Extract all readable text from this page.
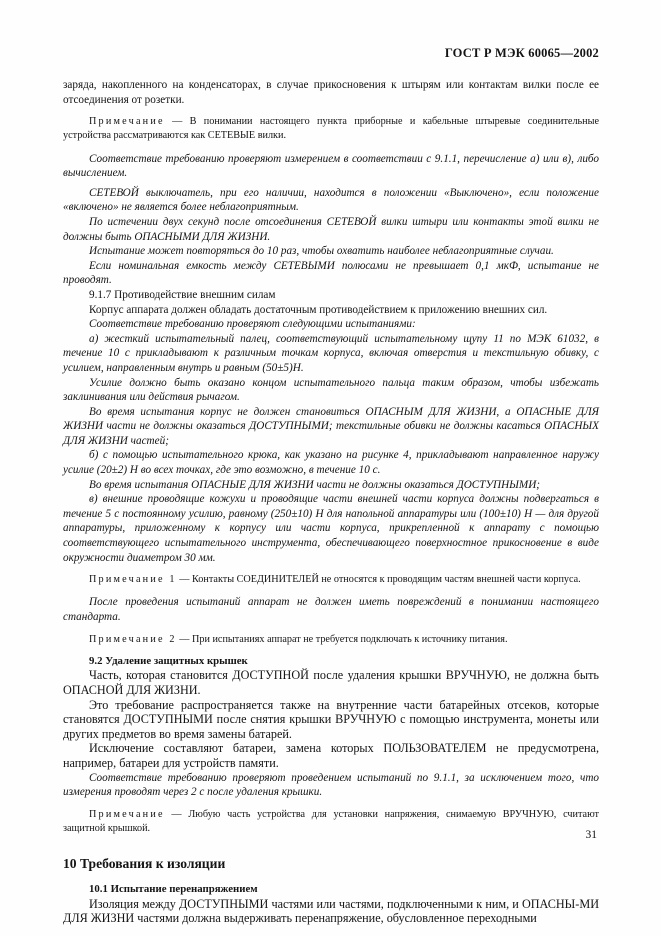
ГОСТ Р МЭК 60065—2002

заряда, накопленного на конденсаторах, в случае прикосновения к штырям или контактам вилки после ее отсоединения от розетки.

Примечание — В понимании настоящего пункта приборные и кабельные штыревые соединительные устройства рассматриваются как СЕТЕВЫЕ вилки.

Соответствие требованию проверяют измерением в соответствии с 9.1.1, перечисление а) или в), либо вычислением.

СЕТЕВОЙ выключатель, при его наличии, находится в положении «Выключено», если положение «включено» не является более неблагоприятным.

По истечении двух секунд после отсоединения СЕТЕВОЙ вилки штыри или контакты этой вилки не должны быть ОПАСНЫМИ ДЛЯ ЖИЗНИ.

Испытание может повторяться до 10 раз, чтобы охватить наиболее неблагоприятные случаи.

Если номинальная емкость между СЕТЕВЫМИ полюсами не превышает 0,1 мкФ, испытание не проводят.

9.1.7 Противодействие внешним силам

Корпус аппарата должен обладать достаточным противодействием к приложению внешних сил.

Соответствие требованию проверяют следующими испытаниями:

а) жесткий испытательный палец, соответствующий испытательному щупу 11 по МЭК 61032, в течение 10 с прикладывают к различным точкам корпуса, включая отверстия и текстильную обивку, с усилием, направленным внутрь и равным (50±5)Н.

Усилие должно быть оказано концом испытательного пальца таким образом, чтобы избежать заклинивания или действия рычагом.

Во время испытания корпус не должен становиться ОПАСНЫМ ДЛЯ ЖИЗНИ, а ОПАСНЫЕ ДЛЯ ЖИЗНИ части не должны оказаться ДОСТУПНЫМИ; текстильные обивки не должны касаться ОПАСНЫХ ДЛЯ ЖИЗНИ частей;

б) с помощью испытательного крюка, как указано на рисунке 4, прикладывают направленное наружу усилие (20±2) Н во всех точках, где это возможно, в течение 10 с.

Во время испытания ОПАСНЫЕ ДЛЯ ЖИЗНИ части не должны оказаться ДОСТУПНЫМИ;

в) внешние проводящие кожухи и проводящие части внешней части корпуса должны подвергаться в течение 5 с постоянному усилию, равному (250±10) Н для напольной аппаратуры или (100±10) Н — для другой аппаратуры, приложенному к корпусу или части корпуса, прикрепленной к аппарату с помощью соответствующего испытательного инструмента, обеспечивающего поверхностное прикосновение в виде окружности диаметром 30 мм.

Примечание 1 — Контакты СОЕДИНИТЕЛЕЙ не относятся к проводящим частям внешней части корпуса.

После проведения испытаний аппарат не должен иметь повреждений в понимании настоящего стандарта.

Примечание 2 — При испытаниях аппарат не требуется подключать к источнику питания.

9.2 Удаление защитных крышек

Часть, которая становится ДОСТУПНОЙ после удаления крышки ВРУЧНУЮ, не должна быть ОПАСНОЙ ДЛЯ ЖИЗНИ.

Это требование распространяется также на внутренние части батарейных отсеков, которые становятся ДОСТУПНЫМИ после снятия крышки ВРУЧНУЮ с помощью инструмента, монеты или других предметов во время замены батарей.

Исключение составляют батареи, замена которых ПОЛЬЗОВАТЕЛЕМ не предусмотрена, например, батареи для устройств памяти.

Соответствие требованию проверяют проведением испытаний по 9.1.1, за исключением того, что измерения проводят через 2 с после удаления крышки.

Примечание — Любую часть устройства для установки напряжения, снимаемую ВРУЧНУЮ, считают защитной крышкой.

10 Требования к изоляции

10.1 Испытание перенапряжением

Изоляция между ДОСТУПНЫМИ частями или частями, подключенными к ним, и ОПАСНЫ-МИ ДЛЯ ЖИЗНИ частями должна выдерживать перенапряжение, обусловленное переходными

31
